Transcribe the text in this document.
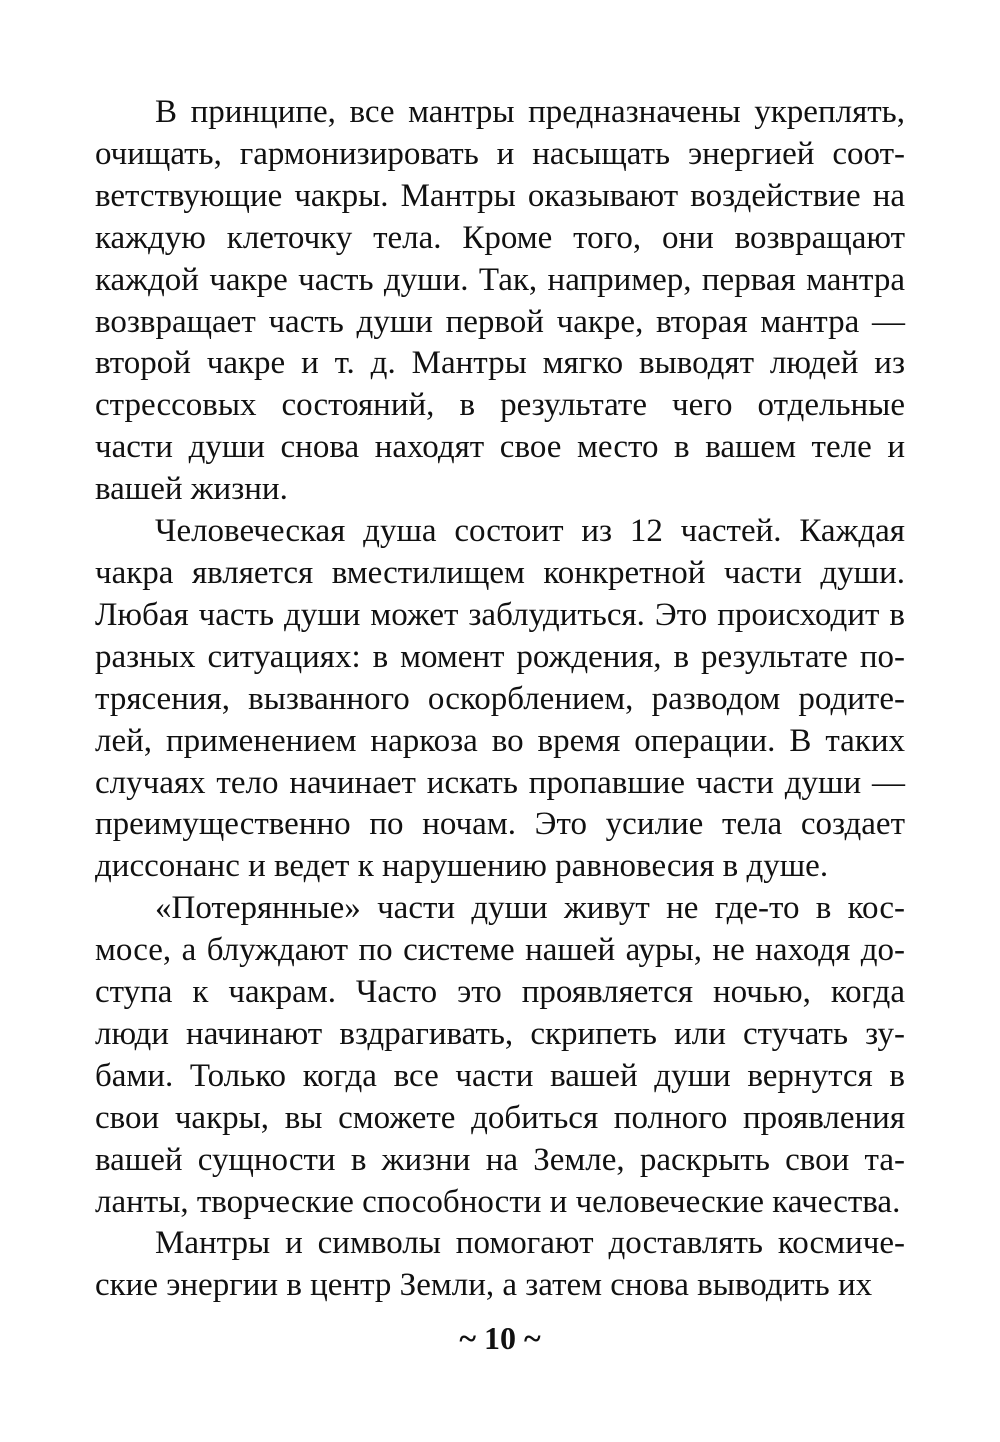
В принципе, все мантры предназначены укреплять, очищать, гармонизировать и насыщать энергией соответствующие чакры. Мантры оказывают воздействие на каждую клеточку тела. Кроме того, они возвращают каждой чакре часть души. Так, например, первая мантра возвращает часть души первой чакре, вторая мантра — второй чакре и т. д. Мантры мягко выводят людей из стрессовых состояний, в результате чего отдельные части души снова находят свое место в вашем теле и вашей жизни.

Человеческая душа состоит из 12 частей. Каждая чакра является вместилищем конкретной части души. Любая часть души может заблудиться. Это происходит в разных ситуациях: в момент рождения, в результате потрясения, вызванного оскорблением, разводом родителей, применением наркоза во время операции. В таких случаях тело начинает искать пропавшие части души — преимущественно по ночам. Это усилие тела создает диссонанс и ведет к нарушению равновесия в душе.

«Потерянные» части души живут не где-то в космосе, а блуждают по системе нашей ауры, не находя доступа к чакрам. Часто это проявляется ночью, когда люди начинают вздрагивать, скрипеть или стучать зубами. Только когда все части вашей души вернутся в свои чакры, вы сможете добиться полного проявления вашей сущности в жизни на Земле, раскрыть свои таланты, творческие способности и человеческие качества.

Мантры и символы помогают доставлять космические энергии в центр Земли, а затем снова выводить их

~ 10 ~
